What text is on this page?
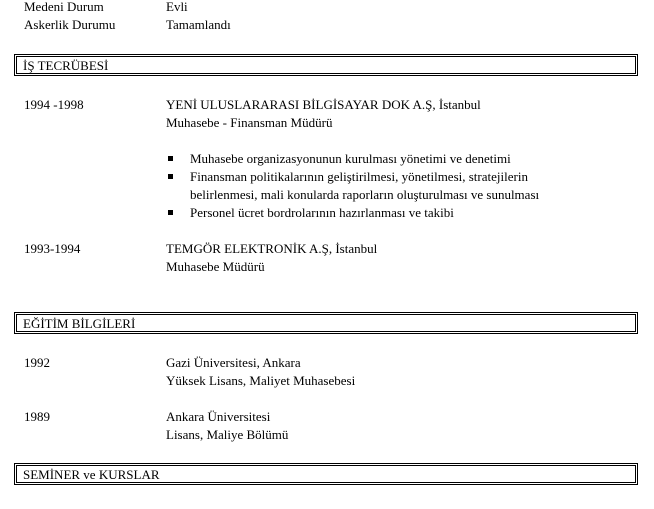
Medeni Durum	Evli
Askerlik Durumu	Tamamlandı
İŞ TECRÜBESİ
1994 -1998	YENİ ULUSLARARASI BİLGİSAYAR DOK A.Ş, İstanbul
Muhasebe - Finansman Müdürü
Muhasebe organizasyonunun kurulması yönetimi ve denetimi
Finansman politikalarının geliştirilmesi, yönetilmesi, stratejilerin
belirlenmesi, mali konularda raporların oluşturulması ve sunulması
Personel ücret bordrolarının hazırlanması ve takibi
1993-1994	TEMGÖR ELEKTRONİK A.Ş, İstanbul
Muhasebe Müdürü
EĞİTİM BİLGİLERİ
1992	Gazi Üniversitesi, Ankara
Yüksek Lisans, Maliyet Muhasebesi
1989	Ankara Üniversitesi
Lisans, Maliye Bölümü
SEMİNER ve KURSLAR
